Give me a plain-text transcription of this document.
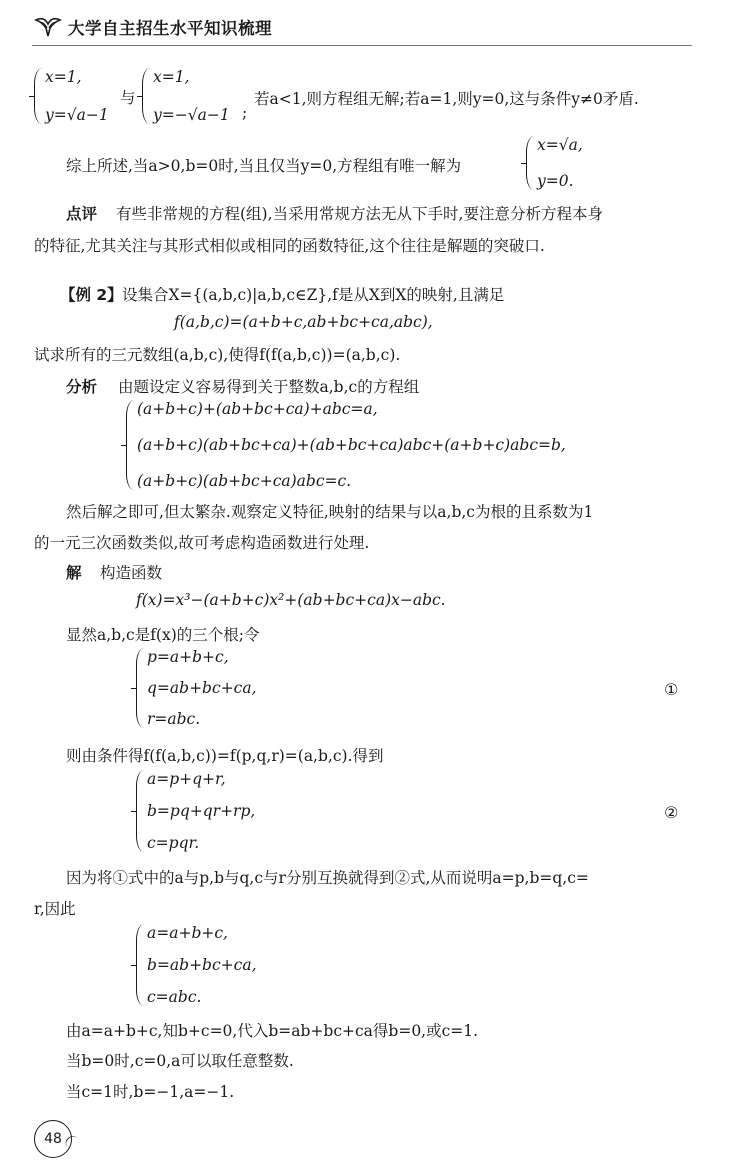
大学自主招生水平知识梳理
x=1,
y=√a−1
与
x=1,
y=−√a−1 ;
若a<1,则方程组无解;若a=1,则y=0,这与条件y≠0矛盾.
综上所述,当a>0,b=0时,当且仅当y=0,方程组有唯一解为
x=√a,
y=0.
点评 有些非常规的方程(组),当采用常规方法无从下手时,要注意分析方程本身
的特征,尤其关注与其形式相似或相同的函数特征,这个往往是解题的突破口.
【例 2】 设集合X={(a,b,c)|a,b,c∈Z},f是从X到X的映射,且满足
f(a,b,c)=(a+b+c,ab+bc+ca,abc),
试求所有的三元数组(a,b,c),使得f(f(a,b,c))=(a,b,c).
分析 由题设定义容易得到关于整数a,b,c的方程组
(a+b+c)+(ab+bc+ca)+abc=a,
(a+b+c)(ab+bc+ca)+(ab+bc+ca)abc+(a+b+c)abc=b,
(a+b+c)(ab+bc+ca)abc=c.
然后解之即可,但太繁杂.观察定义特征,映射的结果与以a,b,c为根的且系数为1
的一元三次函数类似,故可考虑构造函数进行处理.
解 构造函数
f(x)=x³−(a+b+c)x²+(ab+bc+ca)x−abc.
显然a,b,c是f(x)的三个根;令
p=a+b+c,
q=ab+bc+ca,
r=abc.
①
则由条件得f(f(a,b,c))=f(p,q,r)=(a,b,c).得到
a=p+q+r,
b=pq+qr+rp,
c=pqr.
②
因为将①式中的a与p,b与q,c与r分别互换就得到②式,从而说明a=p,b=q,c=
r,因此
a=a+b+c,
b=ab+bc+ca,
c=abc.
由a=a+b+c,知b+c=0,代入b=ab+bc+ca得b=0,或c=1.
当b=0时,c=0,a可以取任意整数.
当c=1时,b=−1,a=−1.
48
